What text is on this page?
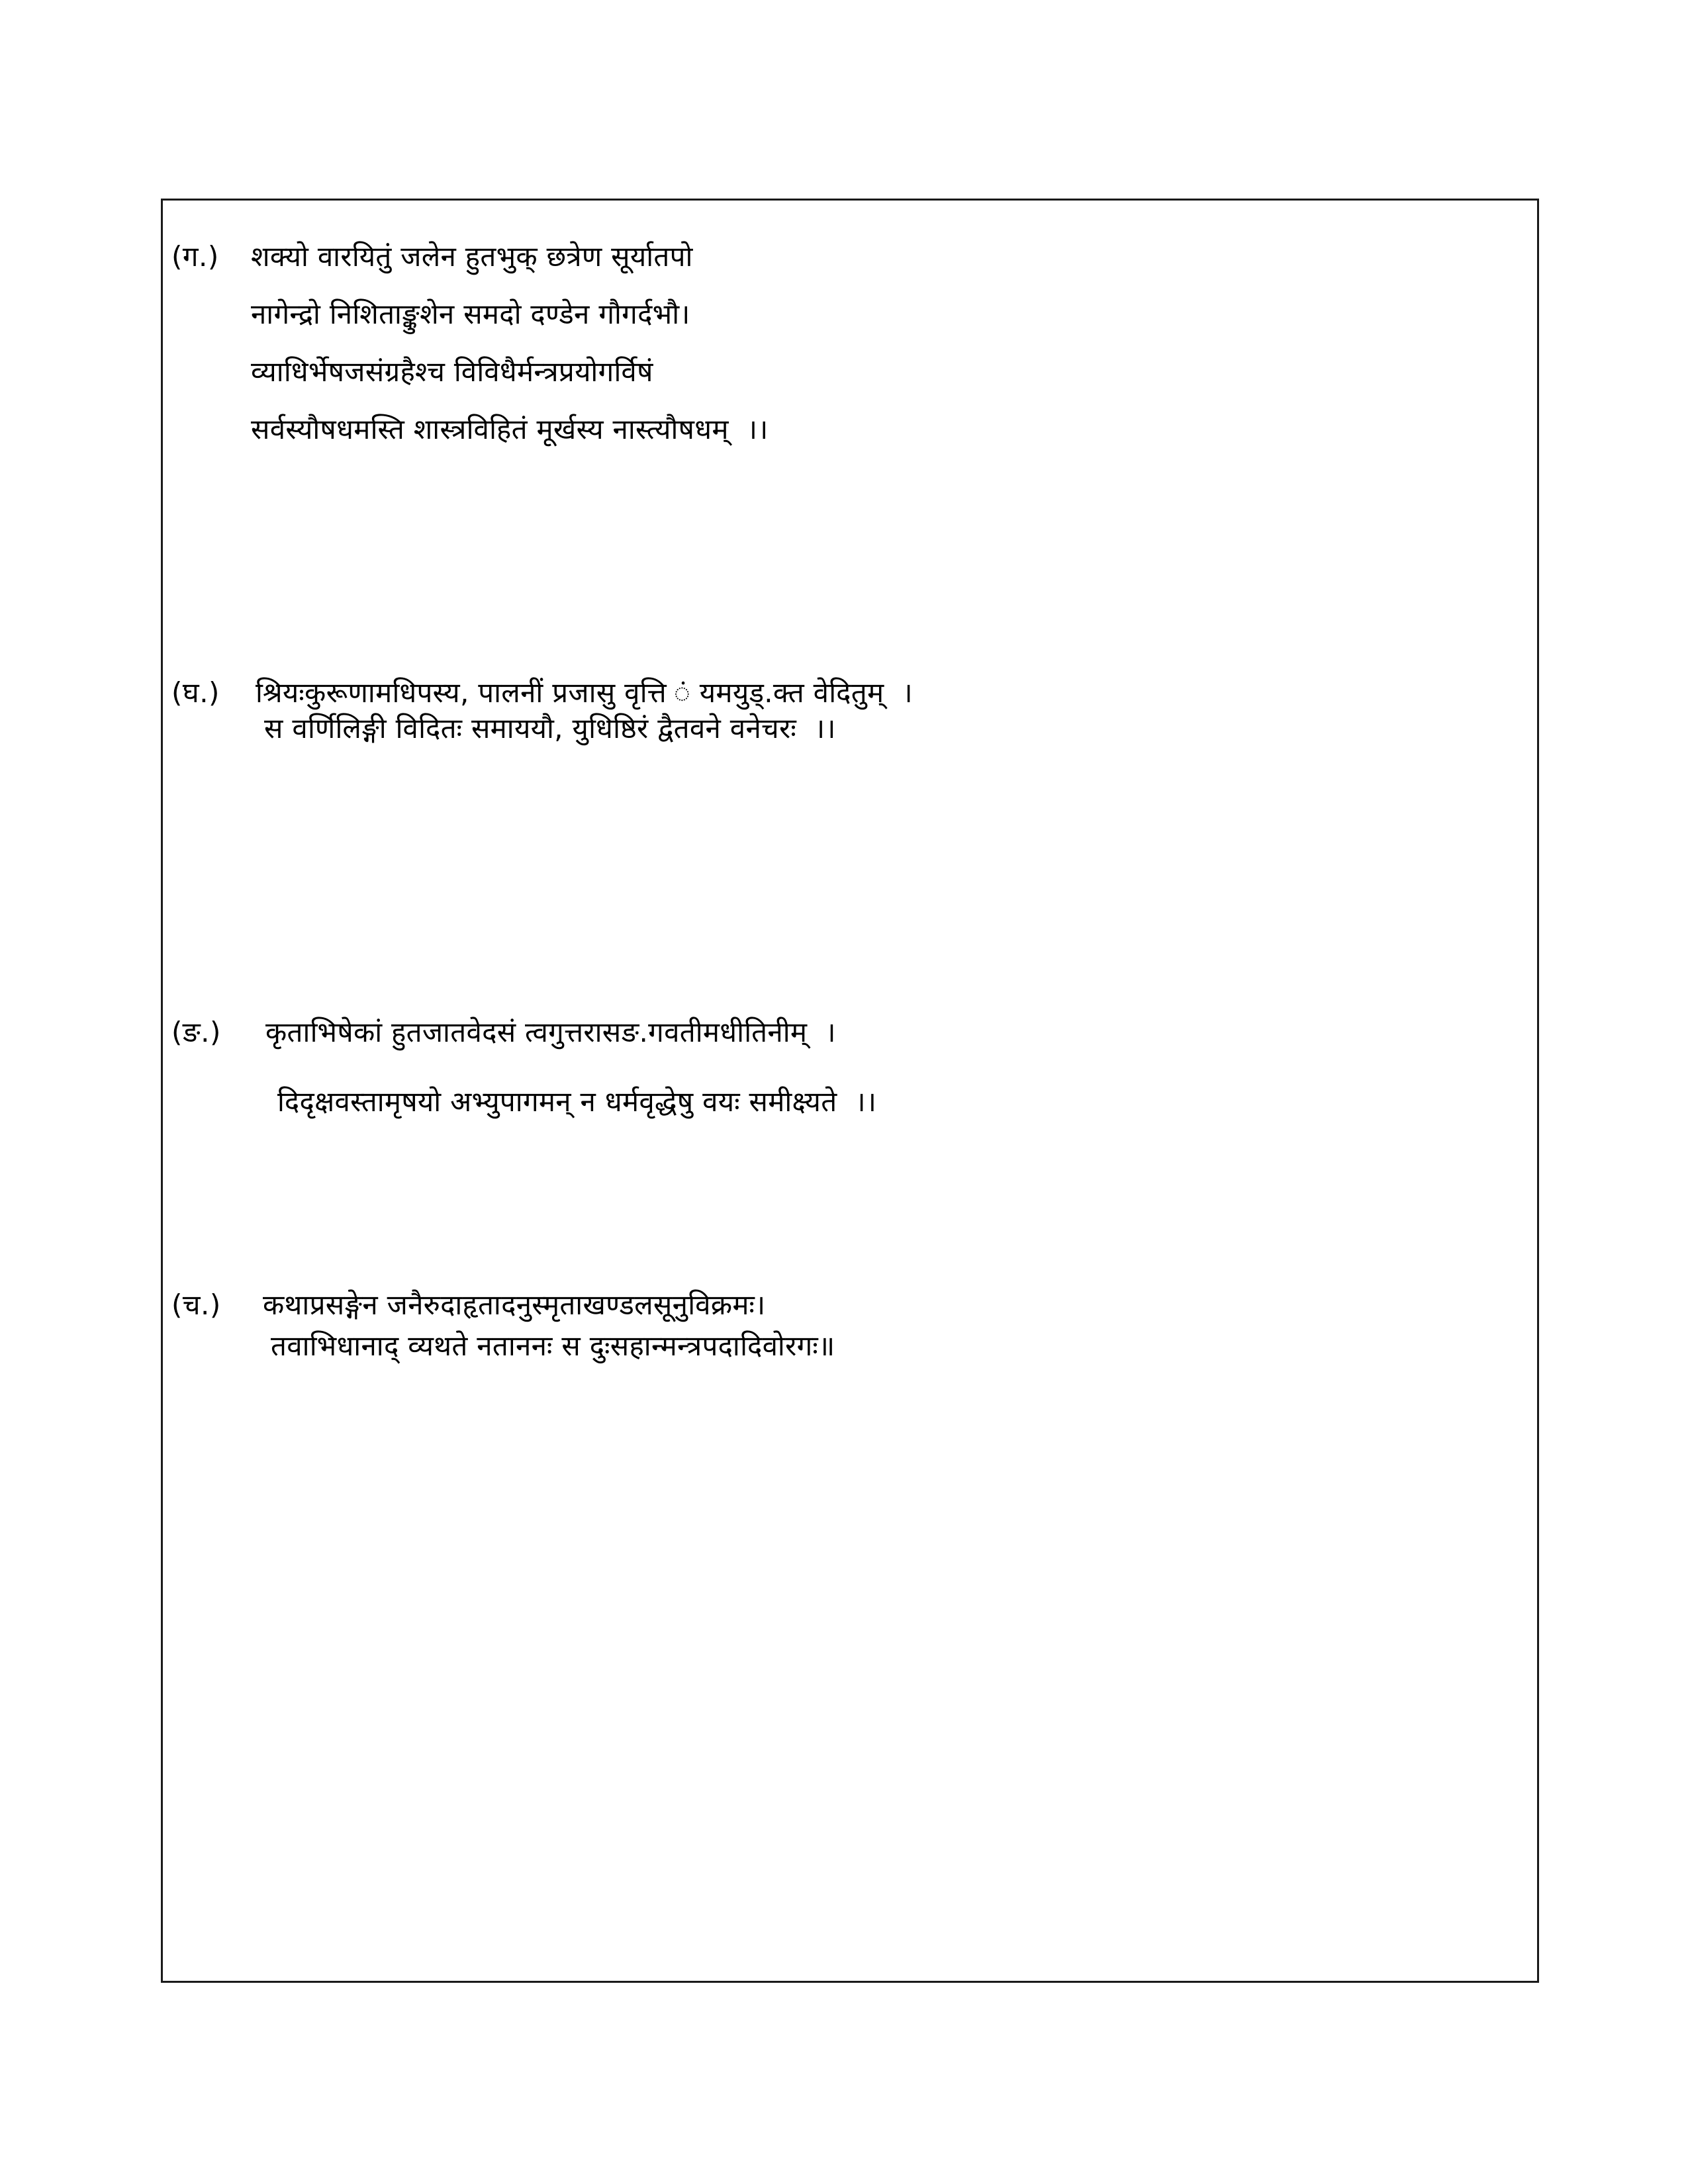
(ग.)	शक्यो वारयितुं जलेन हुतभुक् छत्रेण सूर्यातपो
नागेन्द्रो निशिताङ्कुशेन समदो दण्डेन गौगर्दभौ।
व्याधिर्भेषजसंग्रहैश्च विविधैर्मन्त्रप्रयोगर्विषं
सर्वस्यौषधमस्ति शास्त्रविहितं मूर्खस्य नास्त्यौषधम्  ।।
(घ.)	श्रियःकुरूणामधिपस्य, पालनीं प्रजासु वृत्ति ं यमयुड्.क्त वेदितुम्  ।
स वर्णिलिङ्गी विदितः समाययौ, युधिष्ठिरं द्वैतवने वनेचरः  ।।
(ङ.)	कृताभिषेकां हुतजातवेदसं त्वगुत्तरासङ.गवतीमधीतिनीम्  ।
दिदृक्षवस्तामृषयो अभ्युपागमन् न धर्मवृद्धेषु वयः समीक्ष्यते  ।।
(च.)	कथाप्रसङ्गेन जनैरुदाहृतादनुस्मृताखण्डलसूनुविक्रमः।
तवाभिधानाद् व्यथते नताननः स दुःसहान्मन्त्रपदादिवोरगः॥
